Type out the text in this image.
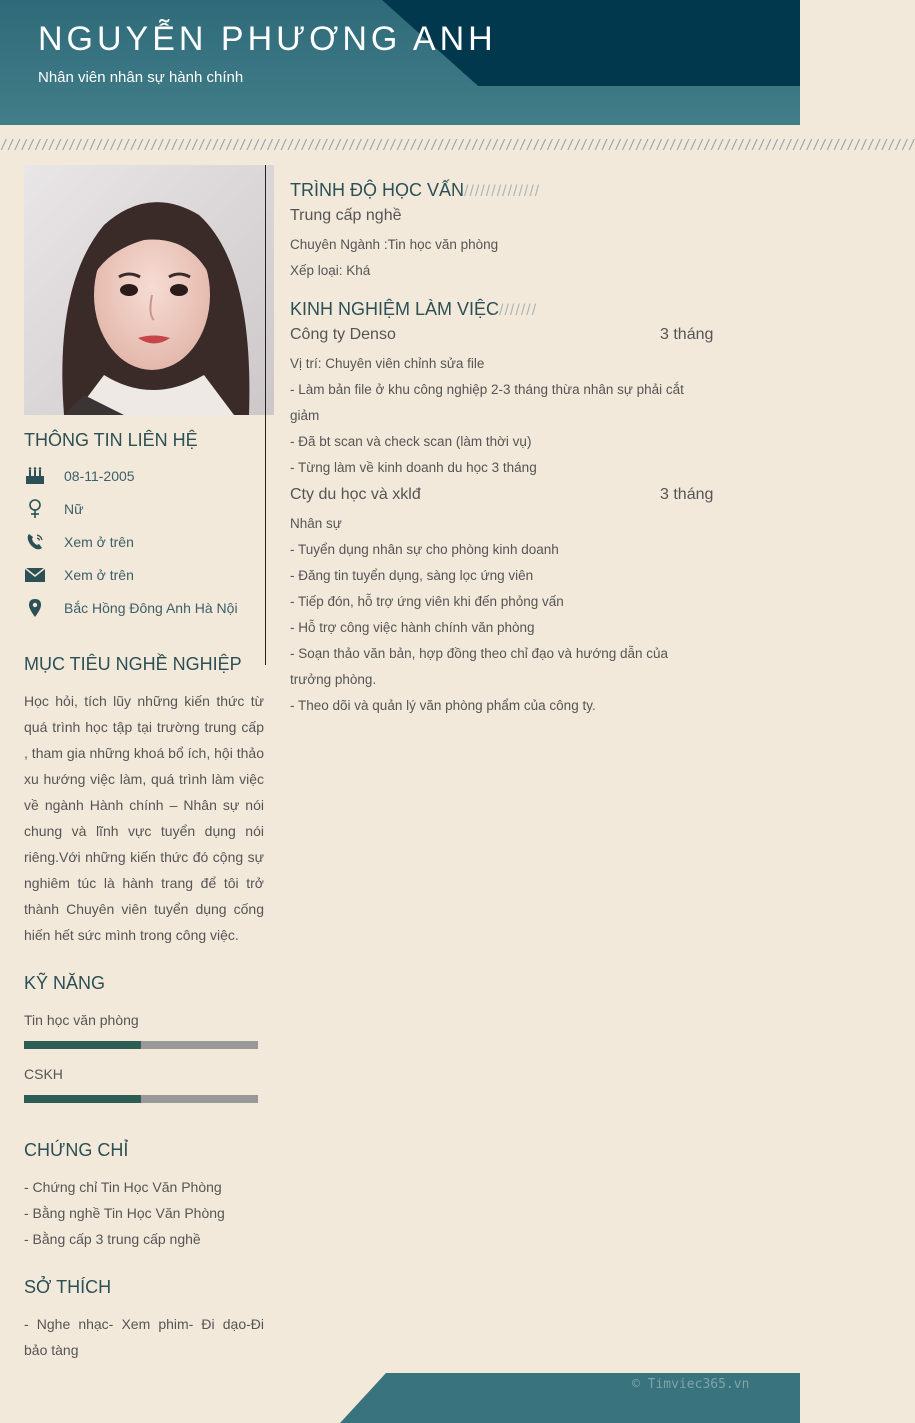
NGUYỄN PHƯƠNG ANH
Nhân viên nhân sự hành chính
//////////////////////////////////////////////////////////////////////////////////////////////////////////////////////////////////////
THÔNG TIN LIÊN HỆ
08-11-2005
Nữ
Xem ở trên
Xem ở trên
Bắc Hồng Đông Anh Hà Nội
MỤC TIÊU NGHỀ NGHIỆP
Học hỏi, tích lũy những kiến thức từ quá trình học tập tại trường trung cấp , tham gia những khoá bổ ích, hội thảo xu hướng việc làm, quá trình làm việc về ngành Hành chính – Nhân sự nói chung và lĩnh vực tuyển dụng nói riêng.Với những kiến thức đó cộng sự nghiêm túc là hành trang để tôi trở thành Chuyên viên tuyển dụng cống hiến hết sức mình trong công việc.
KỸ NĂNG
Tin học văn phòng
CSKH
CHỨNG CHỈ
- Chứng chỉ Tin Học Văn Phòng
- Bằng nghề Tin Học Văn Phòng
- Bằng cấp 3 trung cấp nghề
SỞ THÍCH
- Nghe nhạc- Xem phim- Đi dạo-Đi bảo tàng
TRÌNH ĐỘ HỌC VẤN//////////////
Trung cấp nghề
Chuyên Ngành :Tin học văn phòng
Xếp loại: Khá
KINH NGHIỆM LÀM VIỆC///////
Công ty Denso	3 tháng
Vị trí: Chuyên viên chỉnh sửa file
- Làm bản file ở khu công nghiệp 2-3 tháng thừa nhân sự phải cắt giảm
- Đã bt scan và check scan (làm thời vụ)
- Từng làm về kinh doanh du học 3 tháng
Cty du học và xklđ	3 tháng
Nhân sự
- Tuyển dụng nhân sự cho phòng kinh doanh
- Đăng tin tuyển dụng, sàng lọc ứng viên
- Tiếp đón, hỗ trợ ứng viên khi đến phỏng vấn
- Hỗ trợ công việc hành chính văn phòng
- Soạn thảo văn bản, hợp đồng theo chỉ đạo và hướng dẫn của trưởng phòng.
- Theo dõi và quản lý văn phòng phẩm của công ty.
© Timviec365.vn
